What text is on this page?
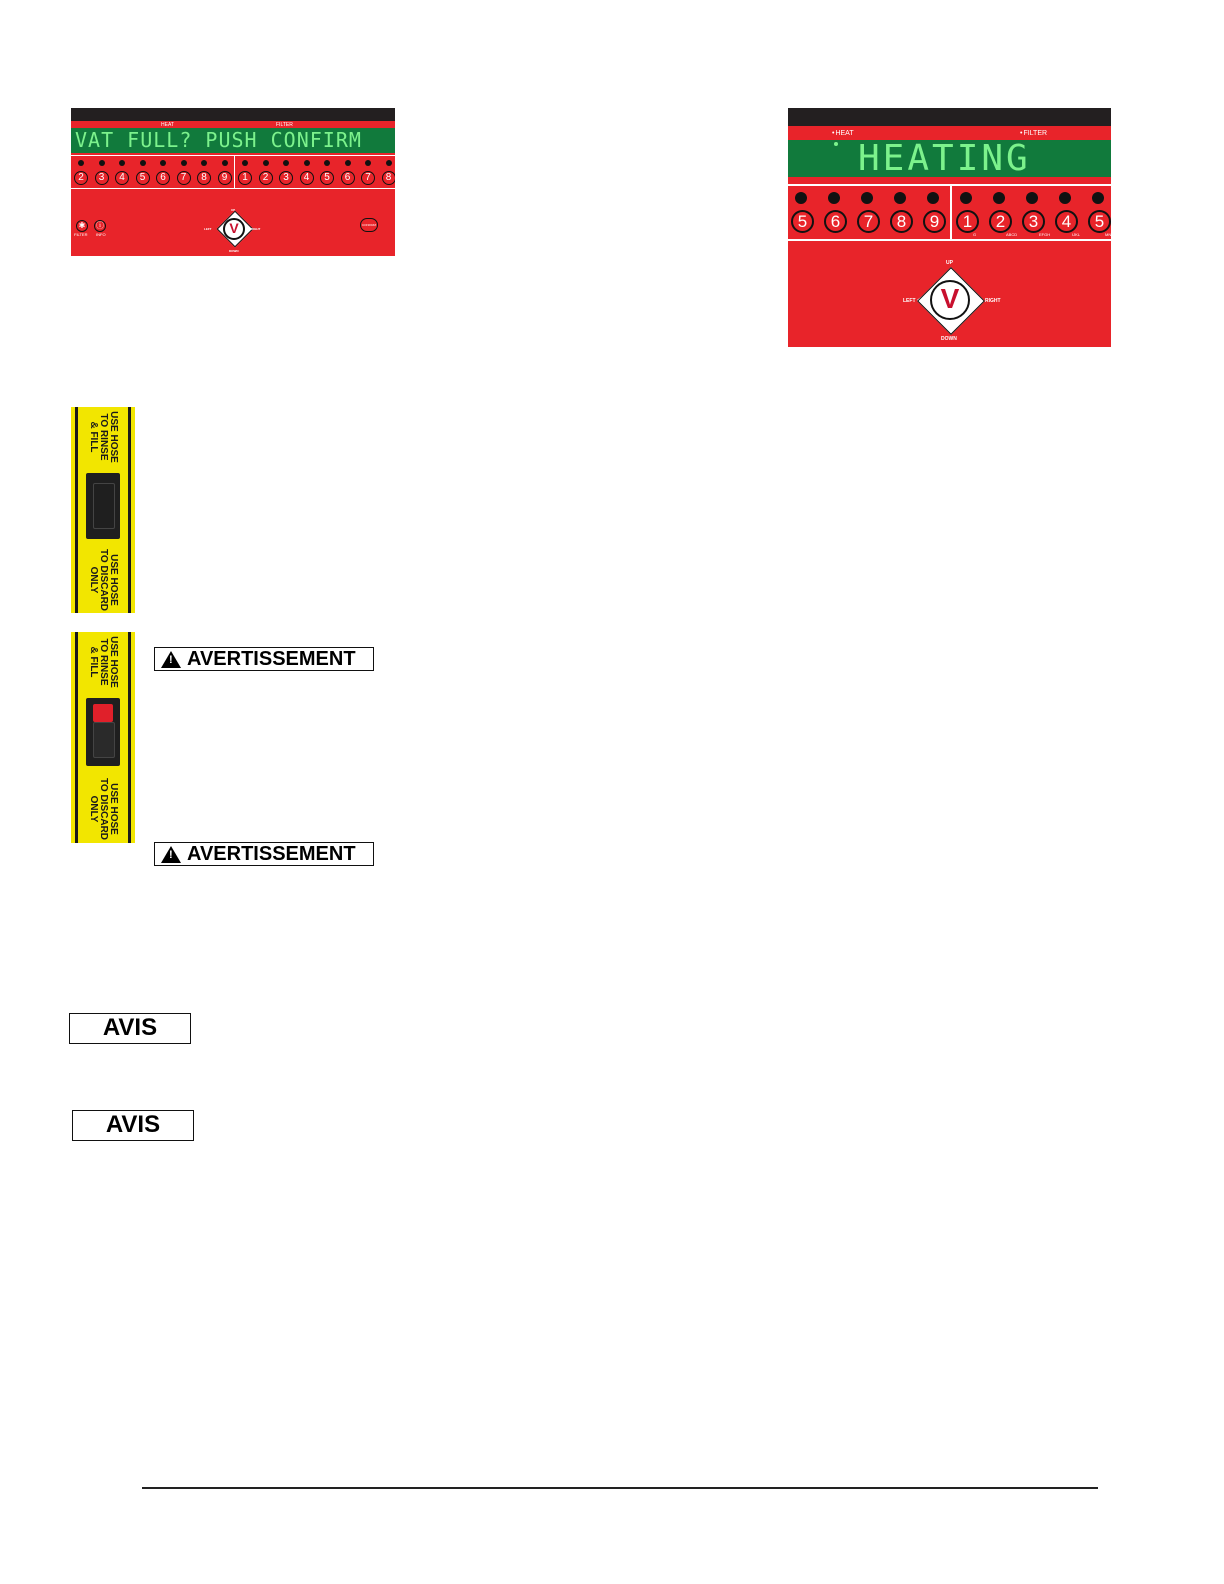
HEAT	FILTER
VAT FULL? PUSH CONFIRM
2	3	4	5	6	7	8	9	1	2	3	4	5	6	7	8
✱	ⓘ
FILTER INFO
CONFIRM
V
UP
DOWN
LEFT	RIGHT
• HEAT
•	FILTER
HEATING
5	6	7	8	9	1
G
2
ABCD
3
EFGH
4
IJKL
5
MN
V
UP
DOWN
LEFT	RIGHT
USE HOSE
TO RINSE
& FILL
USE HOSE
TO DISCARD
ONLY
USE HOSE
TO RINSE
& FILL
USE HOSE
TO DISCARD
ONLY
! AVERTISSEMENT
! AVERTISSEMENT
AVIS
AVIS
